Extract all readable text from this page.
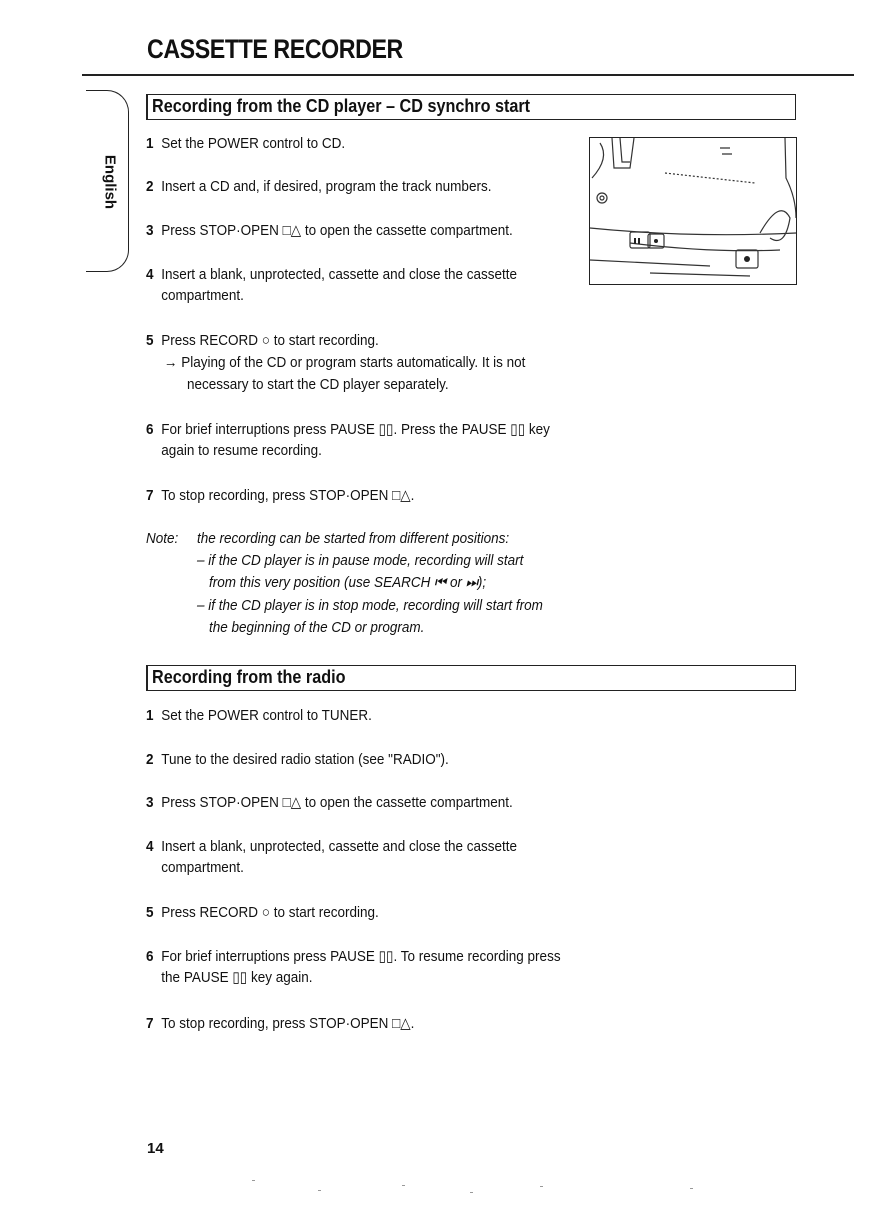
CASSETTE RECORDER
English
Recording from the CD player – CD synchro start
1 Set the POWER control to CD.
2 Insert a CD and, if desired, program the track numbers.
3 Press STOP·OPEN □△ to open the cassette compartment.
4 Insert a blank, unprotected, cassette and close the cassette
compartment.
5 Press RECORD ○ to start recording.
→ Playing of the CD or program starts automatically. It is not
necessary to start the CD player separately.
6 For brief interruptions press PAUSE ▯▯. Press the PAUSE ▯▯ key
again to resume recording.
7 To stop recording, press STOP·OPEN □△.
Note: the recording can be started from different positions:
– if the CD player is in pause mode, recording will start
from this very position (use SEARCH ⏮ or ⏭);
– if the CD player is in stop mode, recording will start from
the beginning of the CD or program.
Recording from the radio
1 Set the POWER control to TUNER.
2 Tune to the desired radio station (see "RADIO").
3 Press STOP·OPEN □△ to open the cassette compartment.
4 Insert a blank, unprotected, cassette and close the cassette
compartment.
5 Press RECORD ○ to start recording.
6 For brief interruptions press PAUSE ▯▯. To resume recording press
the PAUSE ▯▯ key again.
7 To stop recording, press STOP·OPEN □△.
14
